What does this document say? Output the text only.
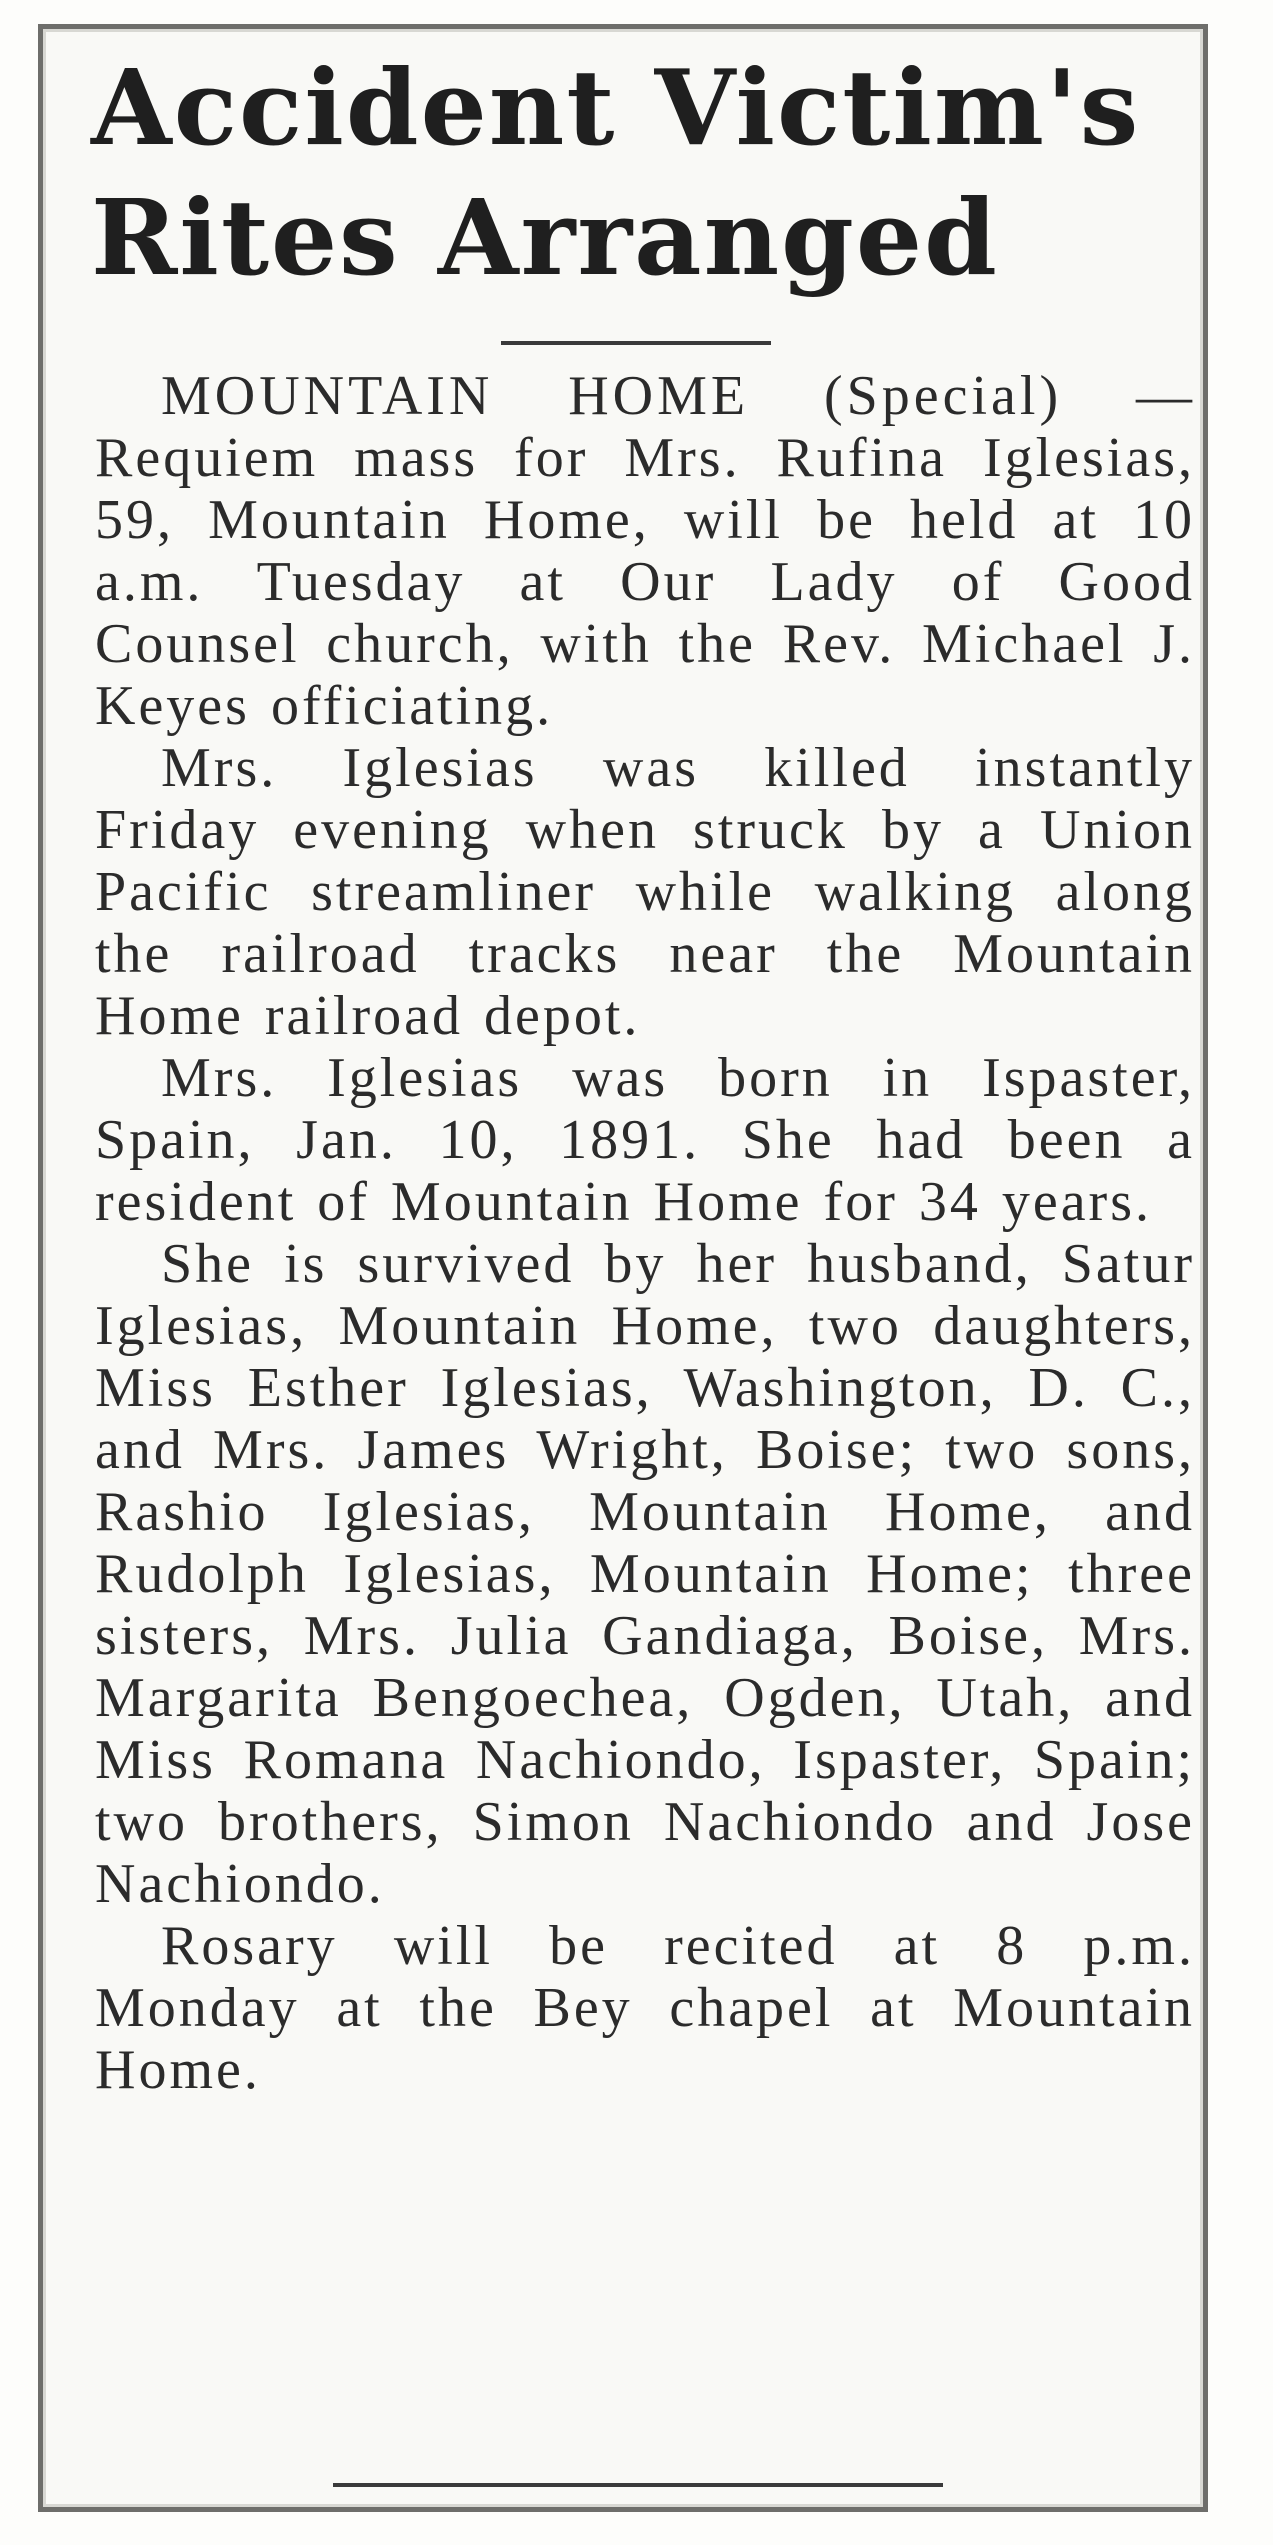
Accident Victim's
Rites Arranged

MOUNTAIN HOME (Special) —Requiem mass for Mrs. Rufina Iglesias, 59, Mountain Home, will be held at 10 a.m. Tuesday at Our Lady of Good Counsel church, with the Rev. Michael J. Keyes officiating.

Mrs. Iglesias was killed instantly Friday evening when struck by a Union Pacific streamliner while walking along the railroad tracks near the Mountain Home railroad depot.

Mrs. Iglesias was born in Ispaster, Spain, Jan. 10, 1891. She had been a resident of Mountain Home for 34 years.

She is survived by her husband, Satur Iglesias, Mountain Home, two daughters, Miss Esther Iglesias, Washington, D. C., and Mrs. James Wright, Boise; two sons, Rashio Iglesias, Mountain Home, and Rudolph Iglesias, Mountain Home; three sisters, Mrs. Julia Gandiaga, Boise, Mrs. Margarita Bengoechea, Ogden, Utah, and Miss Romana Nachiondo, Ispaster, Spain; two brothers, Simon Nachiondo and Jose Nachiondo.

Rosary will be recited at 8 p.m. Monday at the Bey chapel at Mountain Home.
